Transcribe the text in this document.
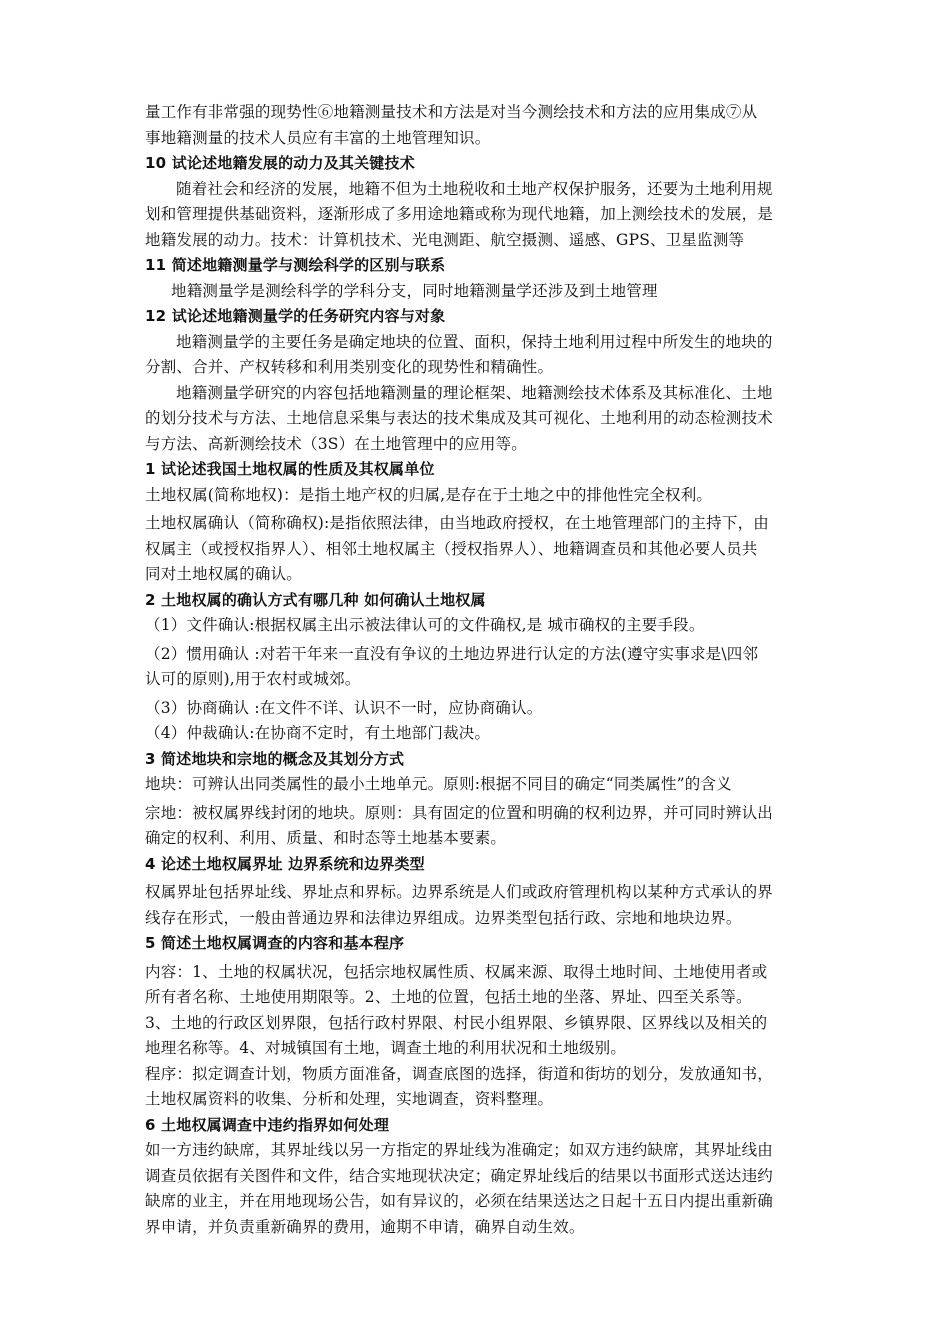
量工作有非常强的现势性⑥地籍测量技术和方法是对当今测绘技术和方法的应用集成⑦从

事地籍测量的技术人员应有丰富的土地管理知识。

10 试论述地籍发展的动力及其关键技术

随着社会和经济的发展，地籍不但为土地税收和土地产权保护服务，还要为土地利用规

划和管理提供基础资料，逐渐形成了多用途地籍或称为现代地籍，加上测绘技术的发展，是

地籍发展的动力。技术：计算机技术、光电测距、航空摄测、遥感、GPS、卫星监测等

11 简述地籍测量学与测绘科学的区别与联系

地籍测量学是测绘科学的学科分支，同时地籍测量学还涉及到土地管理

12 试论述地籍测量学的任务研究内容与对象

地籍测量学的主要任务是确定地块的位置、面积，保持土地利用过程中所发生的地块的

分割、合并、产权转移和利用类别变化的现势性和精确性。

地籍测量学研究的内容包括地籍测量的理论框架、地籍测绘技术体系及其标准化、土地

的划分技术与方法、土地信息采集与表达的技术集成及其可视化、土地利用的动态检测技术

与方法、高新测绘技术（3S）在土地管理中的应用等。

1 试论述我国土地权属的性质及其权属单位

土地权属(简称地权)：是指土地产权的归属,是存在于土地之中的排他性完全权利。

土地权属确认（简称确权):是指依照法律，由当地政府授权，在土地管理部门的主持下，由

权属主（或授权指界人）、相邻土地权属主（授权指界人）、地籍调查员和其他必要人员共

同对土地权属的确认。

2 土地权属的确认方式有哪几种 如何确认土地权属

（1）文件确认:根据权属主出示被法律认可的文件确权,是 城市确权的主要手段。

（2）惯用确认 :对若干年来一直没有争议的土地边界进行认定的方法(遵守实事求是\四邻

认可的原则),用于农村或城郊。

（3）协商确认 :在文件不详、认识不一时，应协商确认。

（4）仲裁确认:在协商不定时，有土地部门裁决。

3 简述地块和宗地的概念及其划分方式

地块：可辨认出同类属性的最小土地单元。原则:根据不同目的确定“同类属性”的含义

宗地：被权属界线封闭的地块。原则：具有固定的位置和明确的权利边界，并可同时辨认出

确定的权利、利用、质量、和时态等土地基本要素。

4 论述土地权属界址 边界系统和边界类型

权属界址包括界址线、界址点和界标。边界系统是人们或政府管理机构以某种方式承认的界

线存在形式，一般由普通边界和法律边界组成。边界类型包括行政、宗地和地块边界。

5 简述土地权属调查的内容和基本程序

内容：1、土地的权属状况，包括宗地权属性质、权属来源、取得土地时间、土地使用者或

所有者名称、土地使用期限等。2、土地的位置，包括土地的坐落、界址、四至关系等。

3、土地的行政区划界限，包括行政村界限、村民小组界限、乡镇界限、区界线以及相关的

地理名称等。4、对城镇国有土地，调查土地的利用状况和土地级别。

程序：拟定调查计划，物质方面准备，调查底图的选择，街道和街坊的划分，发放通知书，

土地权属资料的收集、分析和处理，实地调查，资料整理。

6 土地权属调查中违约指界如何处理

如一方违约缺席，其界址线以另一方指定的界址线为准确定；如双方违约缺席，其界址线由

调查员依据有关图件和文件，结合实地现状决定；确定界址线后的结果以书面形式送达违约

缺席的业主，并在用地现场公告，如有异议的，必须在结果送达之日起十五日内提出重新确

界申请，并负责重新确界的费用，逾期不申请，确界自动生效。
